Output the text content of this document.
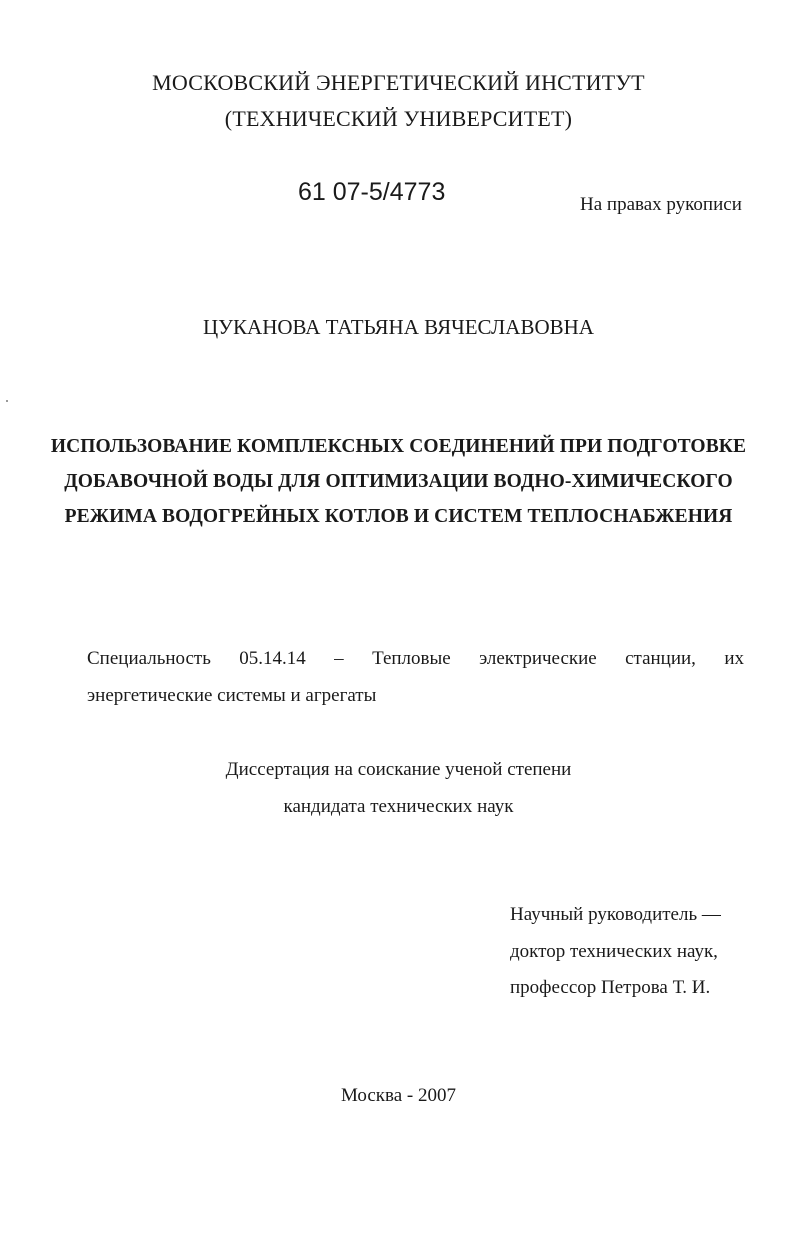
МОСКОВСКИЙ ЭНЕРГЕТИЧЕСКИЙ ИНСТИТУТ
(ТЕХНИЧЕСКИЙ УНИВЕРСИТЕТ)
61 07-5/4773	На правах рукописи
ЦУКАНОВА ТАТЬЯНА ВЯЧЕСЛАВОВНА
ИСПОЛЬЗОВАНИЕ КОМПЛЕКСНЫХ СОЕДИНЕНИЙ ПРИ ПОДГОТОВКЕ
ДОБАВОЧНОЙ ВОДЫ ДЛЯ ОПТИМИЗАЦИИ ВОДНО-ХИМИЧЕСКОГО
РЕЖИМА ВОДОГРЕЙНЫХ КОТЛОВ И СИСТЕМ ТЕПЛОСНАБЖЕНИЯ
Специальность 05.14.14 – Тепловые электрические станции, их
энергетические системы и агрегаты
Диссертация на соискание ученой степени
кандидата технических наук
Научный руководитель —
доктор технических наук,
профессор Петрова Т. И.
Москва - 2007
